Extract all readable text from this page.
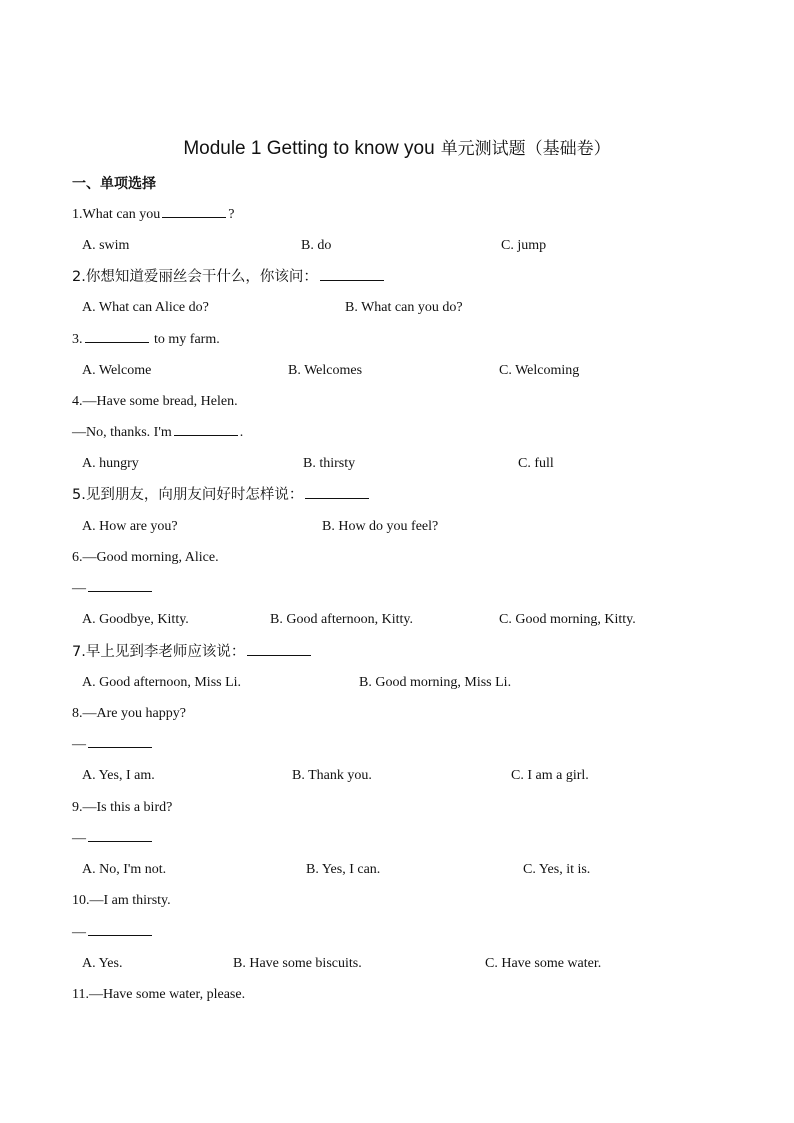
Module 1 Getting to know you 单元测试题（基础卷）
一、单项选择
1.What can you	?
A. swim	B. do	C. jump
2.你想知道爱丽丝会干什么，你该问：
A. What can Alice do?	B. What can you do?
3.	to my farm.
A. Welcome	B. Welcomes	C. Welcoming
4.—Have some bread, Helen.
—No, thanks. I'm	.
A. hungry	B. thirsty	C. full
5.见到朋友，向朋友问好时怎样说：
A. How are you?	B. How do you feel?
6.—Good morning, Alice.
—
A. Goodbye, Kitty.	B. Good afternoon, Kitty.	C. Good morning, Kitty.
7.早上见到李老师应该说：
A. Good afternoon, Miss Li.	B. Good morning, Miss Li.
8.—Are you happy?
—
A. Yes, I am.	B. Thank you.	C. I am a girl.
9.—Is this a bird?
—
A. No, I'm not.	B. Yes, I can.	C. Yes, it is.
10.—I am thirsty.
—
A. Yes.	B. Have some biscuits.	C. Have some water.
11.—Have some water, please.
